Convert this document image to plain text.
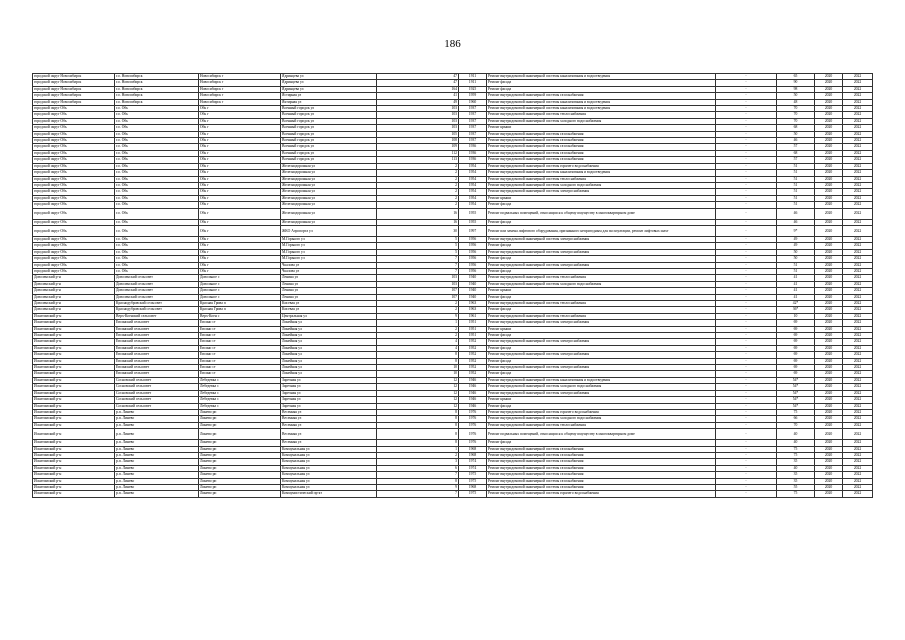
186
городской округ Новосибирск	г.о. Новосибирск	Новосибирск г	Ядринцева ул	47	1911	Ремонт внутридомовой инженерной системы канализования и водоотведения	-	65	2020	2022
городской округ Новосибирск	г.о. Новосибирск	Новосибирск г	Ядринцева ул	47	1911	Ремонт фасада	-	90	2020	2022
городской округ Новосибирск	г.о. Новосибирск	Новосибирск г	Ядринцева ул	164	1925	Ремонт фасада	-	98	2020	2022
городской округ Новосибирск	г.о. Новосибирск	Новосибирск г	Ястирная ул	41	1959	Ремонт внутридомовой инженерной системы газоснабжения	-	50	2020	2022
городской округ Новосибирск	г.о. Новосибирск	Новосибирск г	Яктирная ул	49	1960	Ремонт внутридомовой инженерной системы канализования и водоотведения	-	48	2020	2022
городской округ Обь	г.о. Обь	Обь г	Военный городок ул	103	1937	Ремонт внутридомовой инженерной системы канализования и водоотведения	-	70	2020	2022
городской округ Обь	г.о. Обь	Обь г	Военный городок ул	103	1937	Ремонт внутридомовой инженерной системы теплоснабжения	-	70	2020	2022
городской округ Обь	г.о. Обь	Обь г	Военный городок ул	103	1937	Ремонт внутридомовой инженерной системы холодного водоснабжения	-	70	2020	2022
городской округ Обь	г.о. Обь	Обь г	Военный городок ул	103	1937	Ремонт крыши	-	68	2020	2022
городской округ Обь	г.о. Обь	Обь г	Военный городок ул	105	1937	Ремонт внутридомовой инженерной системы газоснабжения	-	50	2020	2022
городской округ Обь	г.о. Обь	Обь г	Военный городок ул	108	1937	Ремонт внутридомовой инженерной системы газоснабжения	-	46	2020	2022
городской округ Обь	г.о. Обь	Обь г	Военный городок ул	109	1936	Ремонт внутридомовой инженерной системы газоснабжения	-	57	2020	2022
городской округ Обь	г.о. Обь	Обь г	Военный городок ул	112	1936	Ремонт внутридомовой инженерной системы газоснабжения	-	68	2020	2022
городской округ Обь	г.о. Обь	Обь г	Военный городок ул	113	1936	Ремонт внутридомовой инженерной системы газоснабжения	-	57	2020	2022
городской округ Обь	г.о. Обь	Обь г	Железнодорожная ул	2	1954	Ремонт внутридомовой инженерной системы горячего водоснабжения	-	51	2020	2022
городской округ Обь	г.о. Обь	Обь г	Железнодорожная ул	2	1954	Ремонт внутридомовой инженерной системы канализования и водоотведения	-	51	2020	2022
городской округ Обь	г.о. Обь	Обь г	Железнодорожная ул	2	1954	Ремонт внутридомовой инженерной системы теплоснабжения	-	51	2020	2022
городской округ Обь	г.о. Обь	Обь г	Железнодорожная ул	2	1954	Ремонт внутридомовой инженерной системы холодного водоснабжения	-	51	2020	2022
городской округ Обь	г.о. Обь	Обь г	Железнодорожная ул	2	1954	Ремонт внутридомовой инженерной системы электроснабжения	-	51	2020	2022
городской округ Обь	г.о. Обь	Обь г	Железнодорожная ул	2	1954	Ремонт крыши	-	51	2020	2022
городской округ Обь	г.о. Обь	Обь г	Железнодорожная ул	2	1954	Ремонт фасада	-	51	2020	2022
городской округ Обь	г.о. Обь	Обь г	Железнодорожная ул	16	1955	Ремонт подвальных помещений, относящихся к общему имуществу в многоквартирном доме	-	46	2020	2022
городской округ Обь	г.о. Обь	Обь г	Железнодорожная ул	16	1955	Ремонт фасада	-	46	2020	2022
городской округ Обь	г.о. Обь	Обь г	ЖКО Аэропорта ул	30	1997	Ремонт или замена лифтового оборудования, признанного непригодным для эксплуатации, ремонт лифтовых шахт	-	9*	2020	2022
городской округ Обь	г.о. Обь	Обь г	М.Горького ул	5	1956	Ремонт внутридомовой инженерной системы электроснабжения	-	49	2020	2022
городской округ Обь	г.о. Обь	Обь г	М.Горького ул	5	1956	Ремонт фасада	-	49	2020	2022
городской округ Обь	г.о. Обь	Обь г	М.Горького ул	5	1956	Ремонт внутридомовой инженерной системы электроснабжения	-	50	2020	2022
городской округ Обь	г.о. Обь	Обь г	М.Горького ул	7	1956	Ремонт фасада	-	50	2020	2022
городской округ Обь	г.о. Обь	Обь г	Чкалова ул	7	1956	Ремонт внутридомовой инженерной системы электроснабжения	-	51	2020	2022
городской округ Обь	г.о. Обь	Обь г	Чкалова ул	7	1956	Ремонт фасада	-	51	2020	2022
Доволенский р-н	Доволенский сельсовет	Довольное с	Ленина ул	103	1940	Ремонт внутридомовой инженерной системы теплоснабжения	-	41	2020	2022
Доволенский р-н	Доволенский сельсовет	Довольное с	Ленина ул	103	1940	Ремонт внутридомовой инженерной системы холодного водоснабжения	-	41	2020	2022
Доволенский р-н	Доволенский сельсовет	Довольное с	Ленина ул	107	1940	Ремонт крыши	-	41	2020	2022
Доволенский р-н	Доволенский сельсовет	Довольное с	Ленина ул	107	1940	Ремонт фасада	-	41	2020	2022
Доволенский р-н	Краснодубровский сельсовет	Красная Грива п	Кисевая ул	2	1963	Ремонт внутридомовой инженерной системы теплоснабжения	-	42*	2020	2022
Доволенский р-н	Краснодубровский сельсовет	Красная Грива п	Кисевая ул	2	1963	Ремонт фасада	-	36*	2020	2022
Искитимский р-н	Верх-Коенский сельсовет	Верх-Коен с	Центральная ул	9	1961	Ремонт внутридомовой инженерной системы теплоснабжения	-	10	2020	2022
Искитимский р-н	Евсинский сельсовет	Евсино ст	Линейная ул	1	1951	Ремонт внутридомовой инженерной системы электроснабжения	-	69	2020	2022
Искитимский р-н	Евсинский сельсовет	Евсино ст	Линейная ул	2	1951	Ремонт крыши	-	69	2020	2022
Искитимский р-н	Евсинский сельсовет	Евсино ст	Линейная ул	2	1951	Ремонт фасада	-	69	2020	2022
Искитимский р-н	Евсинский сельсовет	Евсино ст	Линейная ул	4	1952	Ремонт внутридомовой инженерной системы электроснабжения	-	69	2020	2022
Искитимский р-н	Евсинский сельсовет	Евсино ст	Линейная ул	4	1952	Ремонт фасада	-	69	2020	2022
Искитимский р-н	Евсинский сельсовет	Евсино ст	Линейная ул	8	1952	Ремонт внутридомовой инженерной системы электроснабжения	-	69	2020	2022
Искитимский р-н	Евсинский сельсовет	Евсино ст	Линейная ул	8	1952	Ремонт фасада	-	69	2020	2022
Искитимский р-н	Евсинский сельсовет	Евсино ст	Линейная ул	10	1952	Ремонт внутридомовой инженерной системы электроснабжения	-	69	2020	2022
Искитимский р-н	Евсинский сельсовет	Евсино ст	Линейная ул	10	1952	Ремонт фасада	-	69	2020	2022
Искитимский р-н	Сосновский сельсовет	Лебедевка с	Заречная ул	12	1946	Ремонт внутридомовой инженерной системы канализования и водоотведения	-	54*	2020	2022
Искитимский р-н	Сосновский сельсовет	Лебедевка с	Заречная ул	12	1946	Ремонт внутридомовой инженерной системы холодного водоснабжения	-	54*	2020	2022
Искитимский р-н	Сосновский сельсовет	Лебедевка с	Заречная ул	12	1946	Ремонт внутридомовой инженерной системы электроснабжения	-	54*	2020	2022
Искитимский р-н	Сосновский сельсовет	Лебедевка с	Заречная ул	12	1946	Ремонт крыши	-	54*	2020	2022
Искитимский р-н	Сосновский сельсовет	Лебедевка с	Заречная ул	12	1946	Ремонт фасада	-	54*	2020	2022
Искитимский р-н	р.п. Линево	Линево рп	Весенняя ул	8	1976	Ремонт внутридомовой инженерной системы горячего водоснабжения	-	75	2020	2022
Искитимский р-н	р.п. Линево	Линево рп	Весенняя ул	8	1976	Ремонт внутридомовой инженерной системы холодного водоснабжения	-	66	2020	2022
Искитимский р-н	р.п. Линево	Линево рп	Весенняя ул	8	1976	Ремонт внутридомовой инженерной системы теплоснабжения	-	70	2020	2022
Искитимский р-н	р.п. Линево	Линево рп	Весенняя ул	8	1976	Ремонт подвальных помещений, относящихся к общему имуществу в многоквартирном доме	-	40	2020	2022
Искитимский р-н	р.п. Линево	Линево рп	Весенняя ул	8	1976	Ремонт фасада	-	40	2020	2022
Искитимский р-н	р.п. Линево	Линево рп	Коммунальная ул	1	1968	Ремонт внутридомовой инженерной системы газоснабжения	-	75	2020	2022
Искитимский р-н	р.п. Линево	Линево рп	Коммунальная ул	2	1968	Ремонт внутридомовой инженерной системы газоснабжения	-	75	2020	2022
Искитимский р-н	р.п. Линево	Линево рп	Коммунальная ул	3	1974	Ремонт внутридомовой инженерной системы газоснабжения	-	35	2020	2022
Искитимский р-н	р.п. Линево	Линево рп	Коммунальная ул	6	1974	Ремонт внутридомовой инженерной системы газоснабжения	-	40	2020	2022
Искитимский р-н	р.п. Линево	Линево рп	Коммунальная ул	7	1975	Ремонт внутридомовой инженерной системы газоснабжения	-	35	2020	2022
Искитимский р-н	р.п. Линево	Линево рп	Коммунальная ул	8	1975	Ремонт внутридомовой инженерной системы газоснабжения	-	35	2020	2022
Искитимский р-н	р.п. Линево	Линево рп	Коммунальная ул	9	1968	Ремонт внутридомовой инженерной системы газоснабжения	-	55	2020	2022
Искитимский р-н	р.п. Линево	Линево рп	Коммунистический пр-кт	7	1975	Ремонт внутридомовой инженерной системы горячего водоснабжения	-	75	2020	2022
